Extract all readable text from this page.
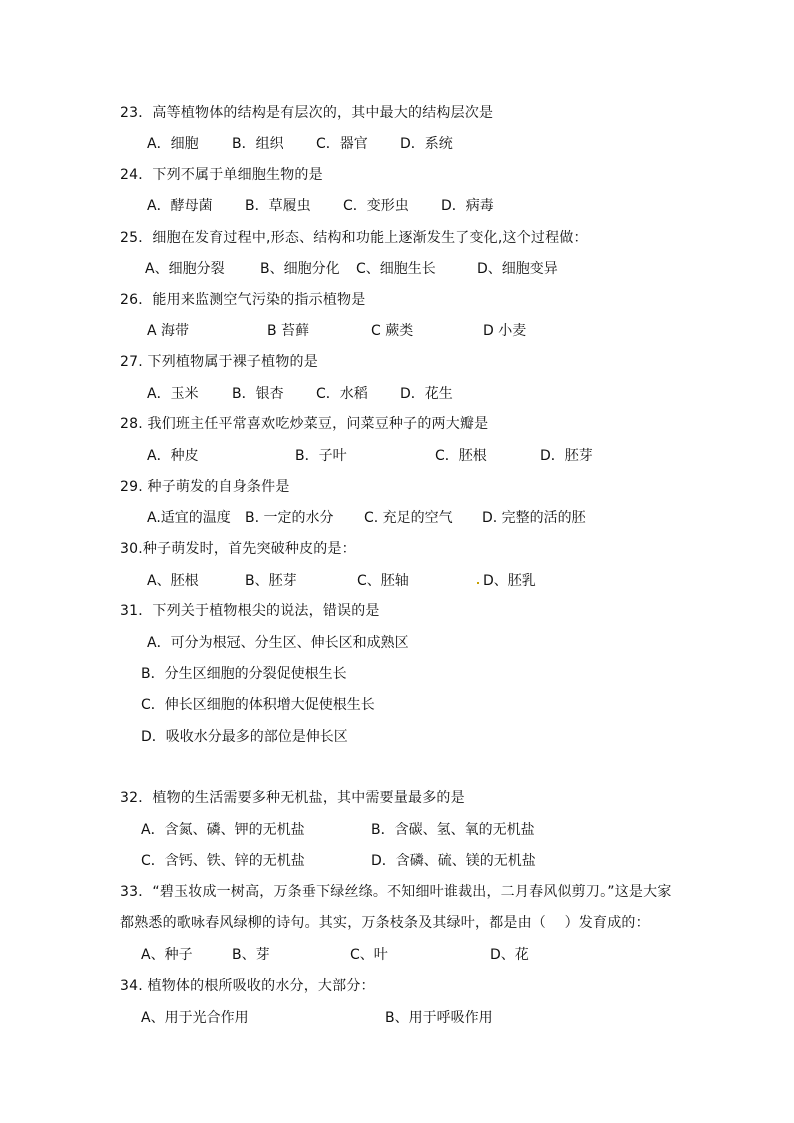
23．高等植物体的结构是有层次的，其中最大的结构层次是

A．细胞 B．组织 C．器官 D．系统

24．下列不属于单细胞生物的是

A．酵母菌 B．草履虫 C．变形虫 D．病毒

25．细胞在发育过程中,形态、结构和功能上逐渐发生了变化,这个过程做：

A、细胞分裂	B、细胞分化 C、细胞生长	D、细胞变异

26．能用来监测空气污染的指示植物是

A 海带	B 苔藓	C 蕨类	D 小麦

27. 下列植物属于裸子植物的是

A．玉米 B．银杏 C．水稻 D．花生

28. 我们班主任平常喜欢吃炒菜豆，问菜豆种子的两大瓣是

A．种皮	B．子叶	C．胚根	D．胚芽

29. 种子萌发的自身条件是

A.适宜的温度 B. 一定的水分 C. 充足的空气 D. 完整的活的胚

30.种子萌发时，首先突破种皮的是：

A、胚根	B、胚芽	C、胚轴	D、胚乳

31．下列关于植物根尖的说法，错误的是

A．可分为根冠、分生区、伸长区和成熟区

B．分生区细胞的分裂促使根生长

C．伸长区细胞的体积增大促使根生长

D．吸收水分最多的部位是伸长区

32．植物的生活需要多种无机盐，其中需要量最多的是

A．含氮、磷、钾的无机盐	B．含碳、氢、氧的无机盐

C．含钙、铁、锌的无机盐	D．含磷、硫、镁的无机盐

33．“碧玉妆成一树高，万条垂下绿丝绦。不知细叶谁裁出，二月春风似剪刀。”这是大家

都熟悉的歌咏春风绿柳的诗句。其实，万条枝条及其绿叶，都是由（    ）发育成的：

A、种子	B、芽	C、叶	D、花

34. 植物体的根所吸收的水分，大部分：

A、用于光合作用	B、用于呼吸作用
